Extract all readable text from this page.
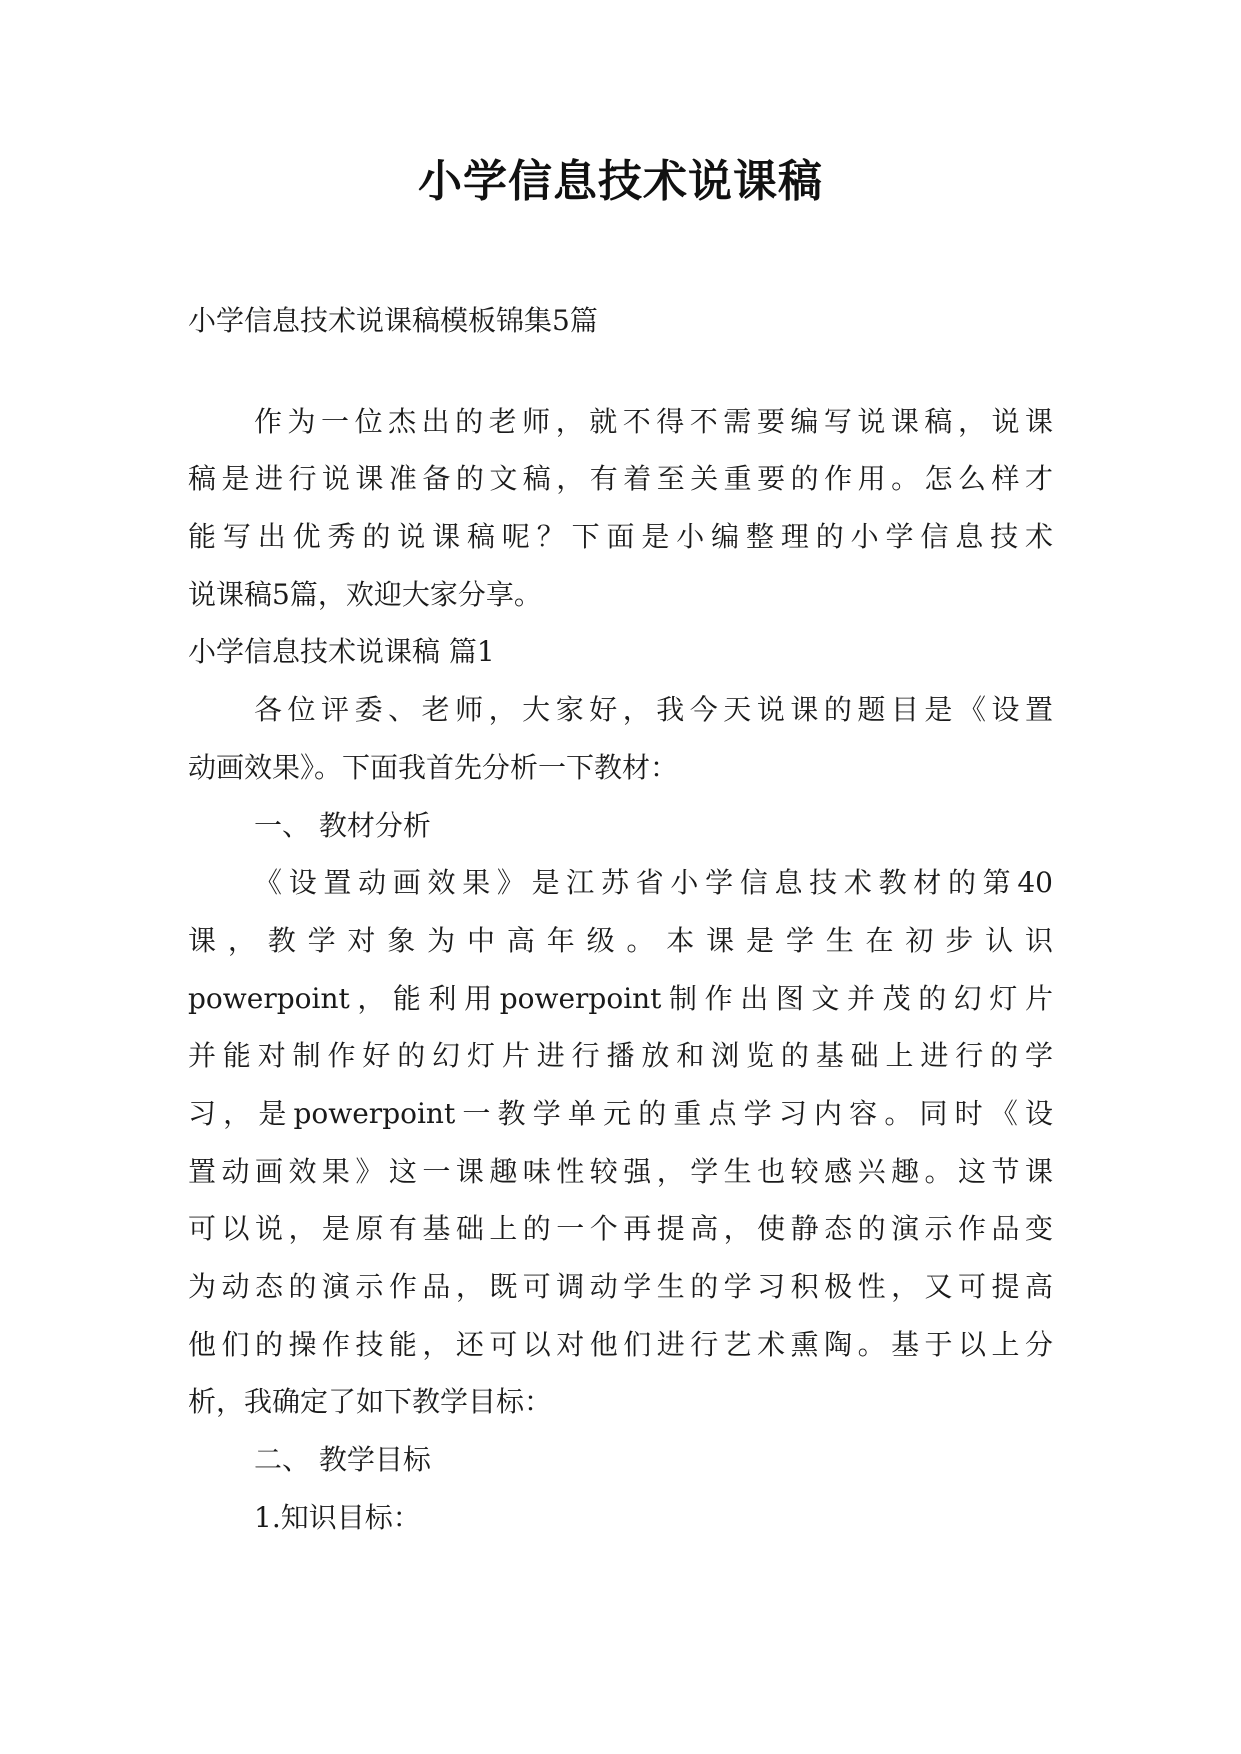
小学信息技术说课稿

小学信息技术说课稿模板锦集5篇

作为一位杰出的老师，就不得不需要编写说课稿，说课

稿是进行说课准备的文稿，有着至关重要的作用。怎么样才

能写出优秀的说课稿呢？下面是小编整理的小学信息技术

说课稿5篇，欢迎大家分享。

小学信息技术说课稿 篇1

各位评委、老师，大家好，我今天说课的题目是《设置

动画效果》。下面我首先分析一下教材：

一、 教材分析

《设置动画效果》是江苏省小学信息技术教材的第40

课，教学对象为中高年级。本课是学生在初步认识

powerpoint，能利用powerpoint制作出图文并茂的幻灯片

并能对制作好的幻灯片进行播放和浏览的基础上进行的学

习，是powerpoint一教学单元的重点学习内容。同时《设

置动画效果》这一课趣味性较强，学生也较感兴趣。这节课

可以说，是原有基础上的一个再提高，使静态的演示作品变

为动态的演示作品，既可调动学生的学习积极性，又可提高

他们的操作技能，还可以对他们进行艺术熏陶。基于以上分

析，我确定了如下教学目标：

二、 教学目标

1.知识目标：
